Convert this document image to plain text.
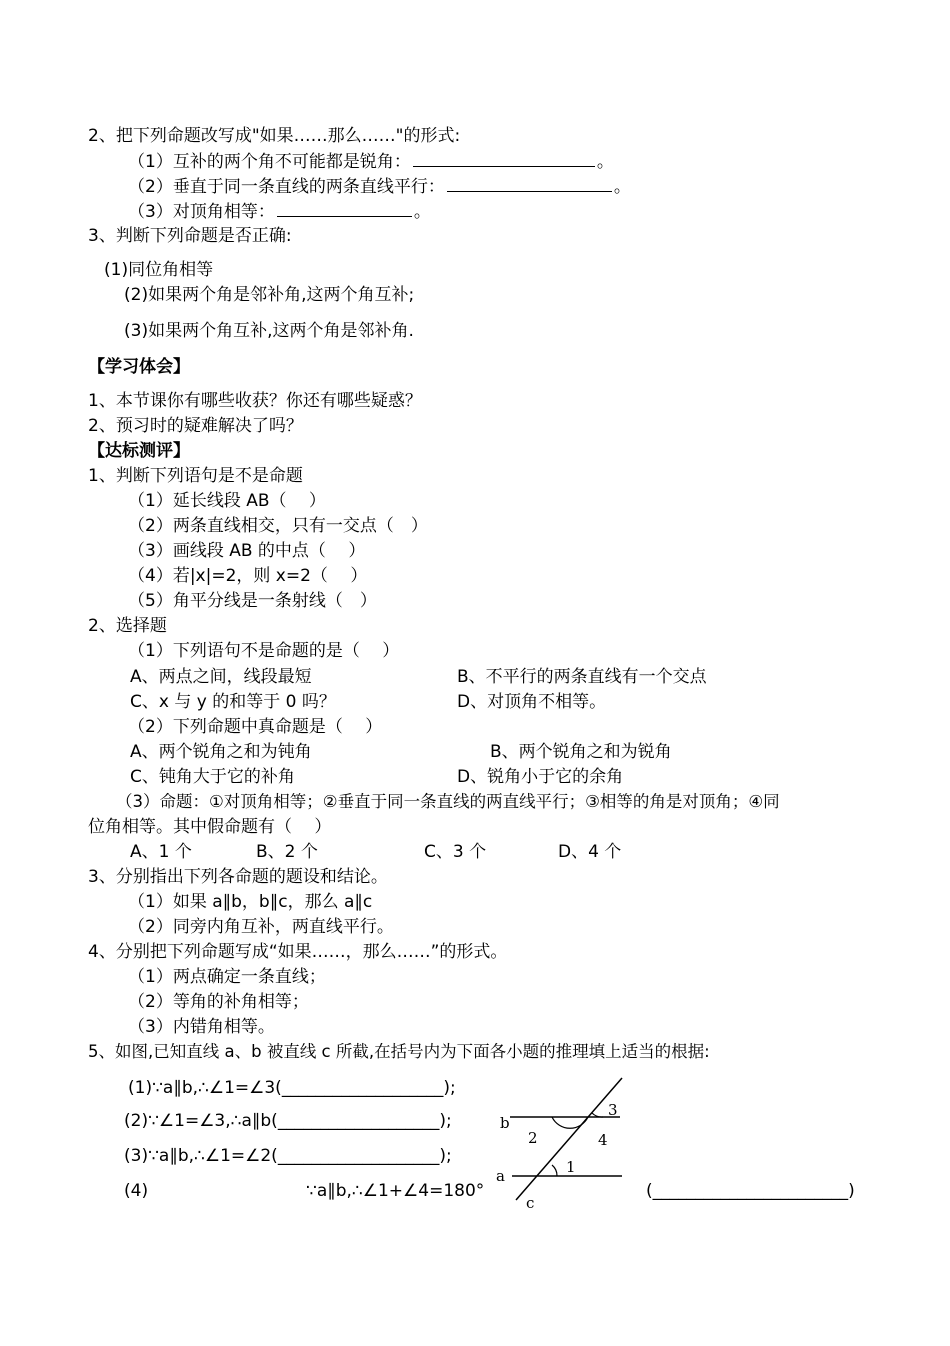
2、把下列命题改写成"如果……那么……"的形式:
（1）互补的两个角不可能都是锐角：	。
（2）垂直于同一条直线的两条直线平行：	。
（3）对顶角相等：	。
3、判断下列命题是否正确:
(1)同位角相等
(2)如果两个角是邻补角,这两个角互补;
(3)如果两个角互补,这两个角是邻补角.
【学习体会】
1、本节课你有哪些收获？你还有哪些疑惑？
2、预习时的疑难解决了吗？
【达标测评】
1、判断下列语句是不是命题
（1）延长线段 AB（　 ）
（2）两条直线相交，只有一交点（　）
（3）画线段 AB 的中点（　 ）
（4）若|x|=2，则 x=2（　 ）
（5）角平分线是一条射线（　）
2、选择题
（1）下列语句不是命题的是（　 ）
A、两点之间，线段最短	B、不平行的两条直线有一个交点
C、x 与 y 的和等于 0 吗？	D、对顶角不相等。
（2）下列命题中真命题是（　 ）
A、两个锐角之和为钝角	B、两个锐角之和为锐角
C、钝角大于它的补角	D、锐角小于它的余角
（3）命题：①对顶角相等；②垂直于同一条直线的两直线平行；③相等的角是对顶角；④同
位角相等。其中假命题有（　 ）
A、1 个	B、2 个	C、3 个	D、4 个
3、分别指出下列各命题的题设和结论。
（1）如果 a∥b，b∥c，那么 a∥c
（2）同旁内角互补，两直线平行。
4、分别把下列命题写成“如果……，那么……”的形式。
（1）两点确定一条直线；
（2）等角的补角相等；
（3）内错角相等。
5、如图,已知直线 a、b 被直线 c 所截,在括号内为下面各小题的推理填上适当的根据:
(1)∵a∥b,∴∠1=∠3(___________________);
(2)∵∠1=∠3,∴a∥b(___________________);
(3)∵a∥b,∴∠1=∠2(___________________);
(4)	∵a∥b,∴∠1+∠4=180°	(_______________________)
b
a
c
2
3
4
1
